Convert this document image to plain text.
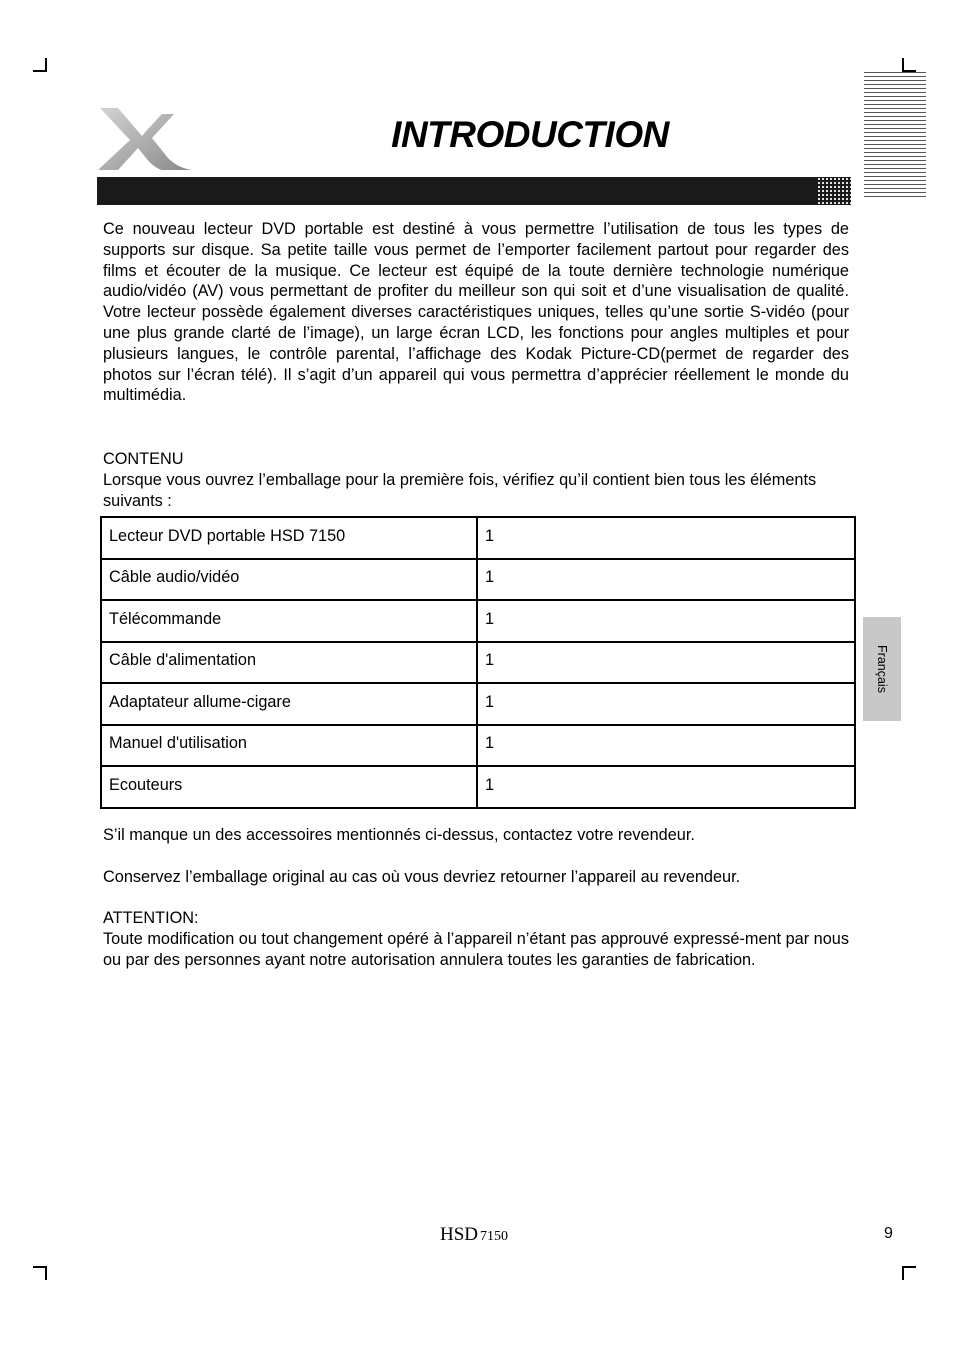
INTRODUCTION
Ce nouveau lecteur DVD portable est destiné à vous permettre l’utilisation de tous les types de supports sur disque. Sa petite taille vous permet de l’emporter facilement partout pour regarder des films et écouter de la musique. Ce lecteur est équipé de la toute dernière technologie numérique audio/vidéo (AV) vous permettant de profiter du meilleur son qui soit et d’une visualisation de qualité. Votre lecteur possède également diverses caractéristiques uniques, telles qu’une sortie S-vidéo (pour une plus grande clarté de l’image), un large écran LCD, les fonctions pour angles multiples et pour plusieurs langues, le contrôle parental, l’affichage des Kodak Picture-CD(permet de regarder des photos sur l’écran télé). Il s’agit d’un appareil qui vous permettra d’apprécier réellement le monde du multimédia.
CONTENU
Lorsque vous ouvrez l’emballage pour la première fois, vérifiez qu’il contient bien tous les éléments suivants :
Lecteur DVD portable HSD 7150	1
Câble audio/vidéo	1
Télécommande	1
Câble d'alimentation	1
Adaptateur allume-cigare	1
Manuel d'utilisation	1
Ecouteurs	1
S’il manque un des accessoires mentionnés ci-dessus, contactez votre revendeur.
Conservez l’emballage original au cas où vous devriez retourner l’appareil au revendeur.
ATTENTION:
Toute modification ou tout changement opéré à l’appareil n’étant pas approuvé expressé-ment par nous ou par des personnes ayant notre autorisation annulera toutes les garanties de fabrication.
Français
HSD 7150	9
